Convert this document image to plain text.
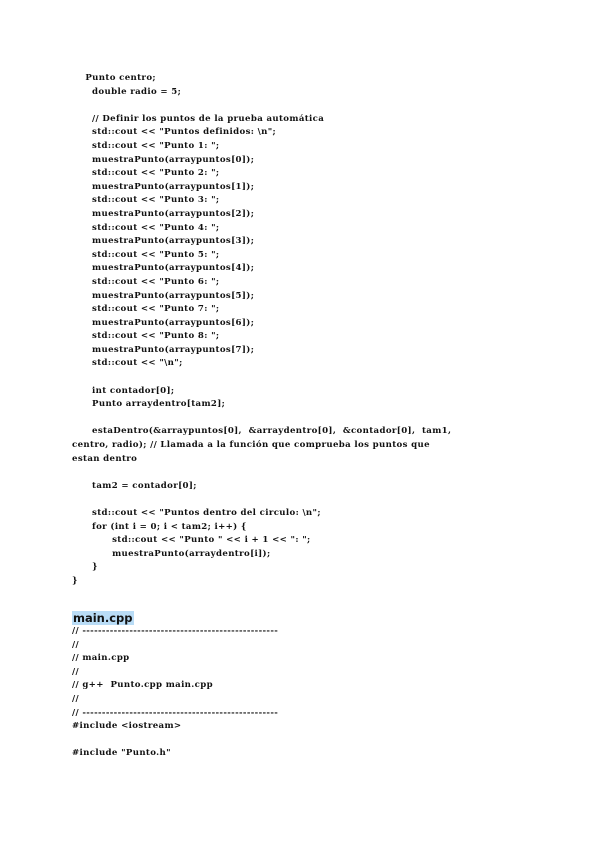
Punto centro;
double radio = 5;

// Definir los puntos de la prueba automática
std::cout << "Puntos definidos: \n";
std::cout << "Punto 1: ";
muestraPunto(arraypuntos[0]);
std::cout << "Punto 2: ";
muestraPunto(arraypuntos[1]);
std::cout << "Punto 3: ";
muestraPunto(arraypuntos[2]);
std::cout << "Punto 4: ";
muestraPunto(arraypuntos[3]);
std::cout << "Punto 5: ";
muestraPunto(arraypuntos[4]);
std::cout << "Punto 6: ";
muestraPunto(arraypuntos[5]);
std::cout << "Punto 7: ";
muestraPunto(arraypuntos[6]);
std::cout << "Punto 8: ";
muestraPunto(arraypuntos[7]);
std::cout << "\n";

int contador[0];
Punto arraydentro[tam2];

estaDentro(&arraypuntos[0],  &arraydentro[0],  &contador[0],  tam1,
centro, radio); // Llamada a la función que comprueba los puntos que
estan dentro

tam2 = contador[0];

std::cout << "Puntos dentro del circulo: \n";
for (int i = 0; i < tam2; i++) {
std::cout << "Punto " << i + 1 << ": ";
muestraPunto(arraydentro[i]);
}
}
main.cpp
// --------------------------------------------------
//
// main.cpp
//
// g++  Punto.cpp main.cpp
//
// --------------------------------------------------
#include <iostream>

#include "Punto.h"
